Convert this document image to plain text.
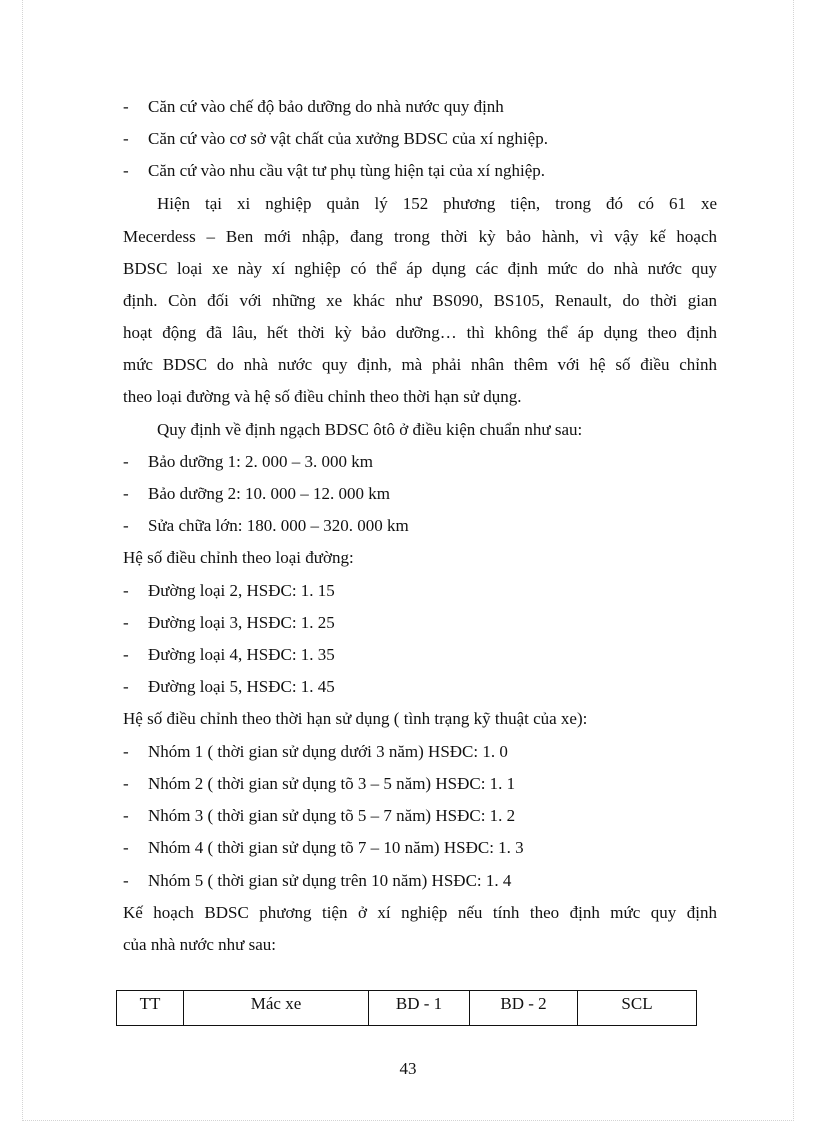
- Căn cứ vào chế độ bảo dưỡng do nhà nước quy định
- Căn cứ vào cơ sở vật chất của xưởng BDSC của xí nghiệp.
- Căn cứ vào nhu cầu vật tư phụ tùng hiện tại của xí nghiệp.
Hiện tại xi nghiệp quản lý 152 phương tiện, trong đó có 61 xe
Mecerdess – Ben mới nhập, đang trong thời kỳ bảo hành, vì vậy kế hoạch
BDSC loại xe này xí nghiệp có thể áp dụng các định mức do nhà nước quy
định. Còn đối với những xe khác như BS090, BS105, Renault, do thời gian
hoạt động đã lâu, hết thời kỳ bảo dưỡng… thì không thể áp dụng theo định
mức BDSC do nhà nước quy định, mà phải nhân thêm với hệ số điều chỉnh
theo loại đường và hệ số điều chỉnh theo thời hạn sử dụng.
Quy định về định ngạch BDSC ôtô ở điều kiện chuẩn như sau:
- Bảo dưỡng 1: 2. 000 – 3. 000 km
- Bảo dưỡng 2: 10. 000 – 12. 000 km
- Sửa chữa lớn: 180. 000 – 320. 000 km
Hệ số điều chỉnh theo loại đường:
- Đường loại 2, HSĐC: 1. 15
- Đường loại 3, HSĐC: 1. 25
- Đường loại 4, HSĐC: 1. 35
- Đường loại 5, HSĐC: 1. 45
Hệ số điều chỉnh theo thời hạn sử dụng ( tình trạng kỹ thuật của xe):
- Nhóm 1 ( thời gian sử dụng dưới 3 năm) HSĐC: 1. 0
- Nhóm 2 ( thời gian sử dụng tõ 3 – 5 năm) HSĐC: 1. 1
- Nhóm 3 ( thời gian sử dụng tõ 5 – 7 năm) HSĐC: 1. 2
- Nhóm 4 ( thời gian sử dụng tõ 7 – 10 năm) HSĐC: 1. 3
- Nhóm 5 ( thời gian sử dụng trên 10 năm) HSĐC: 1. 4
Kế hoạch BDSC phương tiện ở xí nghiệp nếu tính theo định mức quy định
của nhà nước như sau:
TT	Mác xe	BD - 1	BD - 2	SCL
43
